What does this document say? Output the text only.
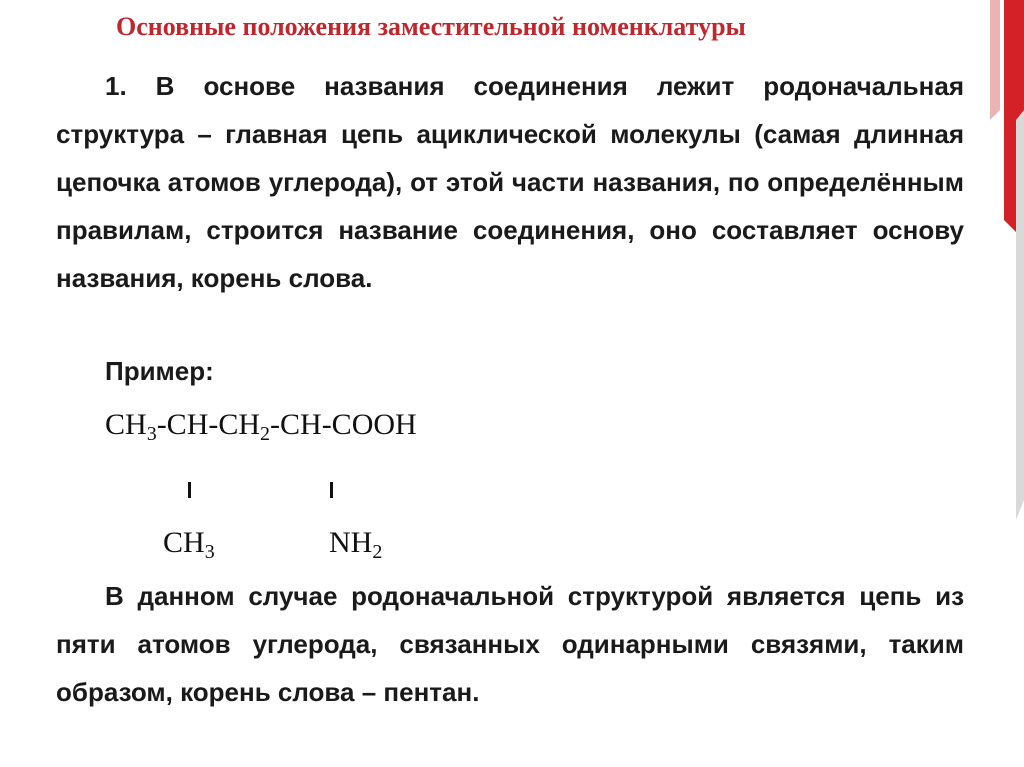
Основные положения заместительной номенклатуры
1. В основе названия соединения лежит родоначальная структура – главная цепь ациклической молекулы (самая длинная цепочка атомов углерода), от этой части названия, по определённым правилам, строится название соединения, оно составляет основу названия, корень слова.
Пример:
$CH_3-CH-CH_2-CH$-COOH
$CH_3$	$NH_2$
В данном случае родоначальной структурой является цепь из пяти атомов углерода, связанных одинарными связями, таким образом, корень слова – пентан.
